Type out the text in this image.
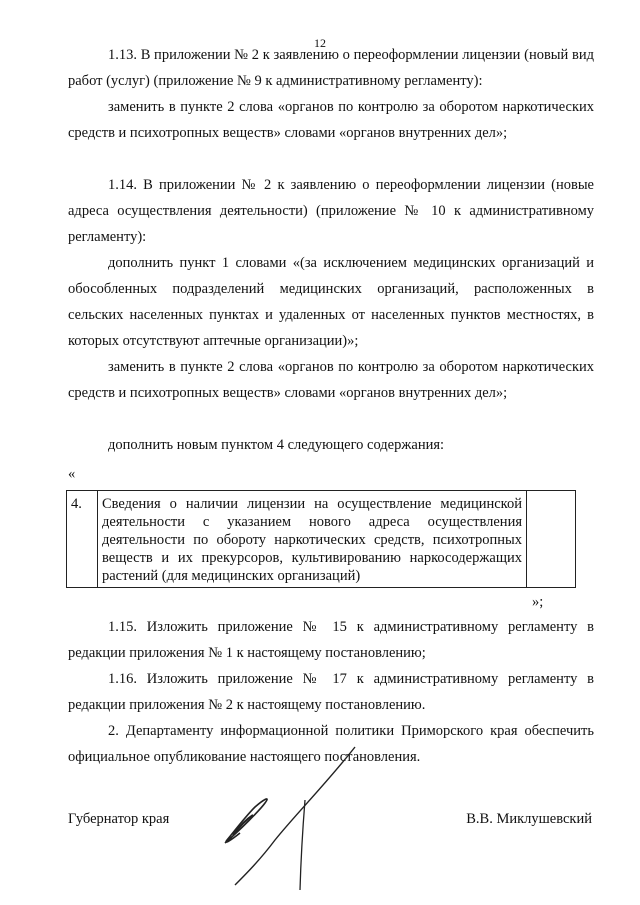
12

1.13. В приложении № 2 к заявлению о переоформлении лицензии (новый вид работ (услуг) (приложение № 9 к административному регламенту):

заменить в пункте 2 слова «органов по контролю за оборотом наркотических средств и психотропных веществ» словами «органов внутренних дел»;

1.14. В приложении № 2 к заявлению о переоформлении лицензии (новые адреса осуществления деятельности) (приложение № 10 к административному регламенту):

дополнить пункт 1 словами «(за исключением медицинских организаций и обособленных подразделений медицинских организаций, расположенных в сельских населенных пунктах и удаленных от населенных пунктов местностях, в которых отсутствуют аптечные организации)»;

заменить в пункте 2 слова «органов по контролю за оборотом наркотических средств и психотропных веществ» словами «органов внутренних дел»;

дополнить новым пунктом 4 следующего содержания:

«
4.	Сведения о наличии лицензии на осуществление медицинской деятельности с указанием нового адреса осуществления деятельности по обороту наркотических средств, психотропных веществ и их прекурсоров, культивированию наркосодержащих растений (для медицинских организаций)	
»;

1.15. Изложить приложение № 15 к административному регламенту в редакции приложения № 1 к настоящему постановлению;

1.16. Изложить приложение № 17 к административному регламенту в редакции приложения № 2 к настоящему постановлению.

2. Департаменту информационной политики Приморского края обеспечить официальное опубликование настоящего постановления.

Губернатор края	В.В. Миклушевский
